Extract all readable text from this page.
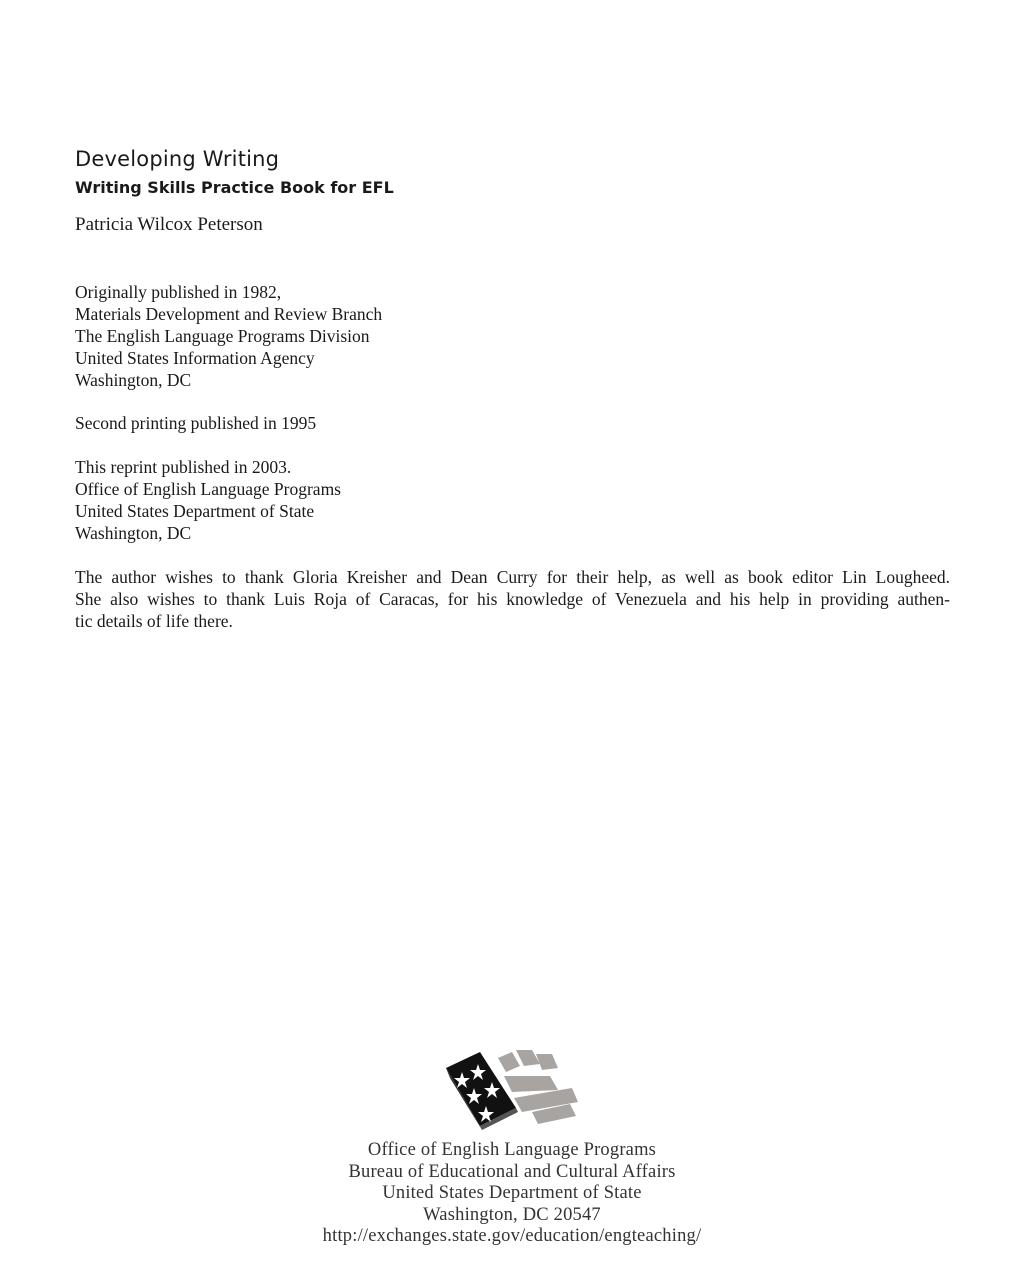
Developing Writing
Writing Skills Practice Book for EFL

Patricia Wilcox Peterson

Originally published in 1982,
Materials Development and Review Branch
The English Language Programs Division
United States Information Agency
Washington, DC
Second printing published in 1995
This reprint published in 2003.
Office of English Language Programs
United States Department of State
Washington, DC
The author wishes to thank Gloria Kreisher and Dean Curry for their help, as well as book editor Lin Lougheed.
She also wishes to thank Luis Roja of Caracas, for his knowledge of Venezuela and his help in providing authen-
tic details of life there.
Office of English Language Programs
Bureau of Educational and Cultural Affairs
United States Department of State
Washington, DC 20547
http://exchanges.state.gov/education/engteaching/
